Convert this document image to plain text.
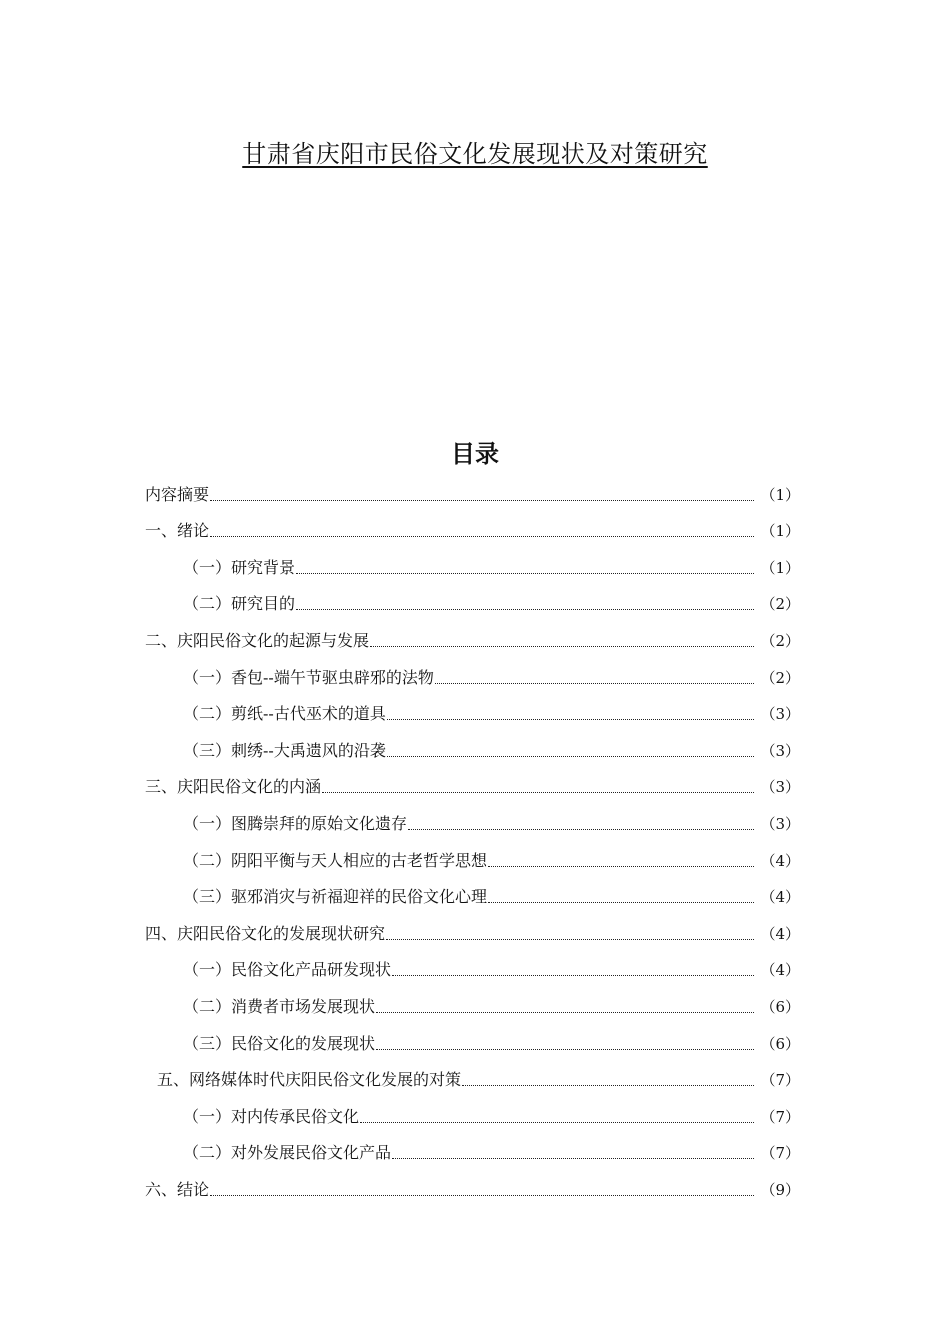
甘肃省庆阳市民俗文化发展现状及对策研究
目录
内容摘要	（1）
一、绪论	（1）
（一）研究背景	（1）
（二）研究目的	（2）
二、庆阳民俗文化的起源与发展	（2）
（一）香包--端午节驱虫辟邪的法物	（2）
（二）剪纸--古代巫术的道具	（3）
（三）刺绣--大禹遗风的沿袭	（3）
三、庆阳民俗文化的内涵	（3）
（一）图腾崇拜的原始文化遗存	（3）
（二）阴阳平衡与天人相应的古老哲学思想	（4）
（三）驱邪消灾与祈福迎祥的民俗文化心理	（4）
四、庆阳民俗文化的发展现状研究	（4）
（一）民俗文化产品研发现状	（4）
（二）消费者市场发展现状	（6）
（三）民俗文化的发展现状	（6）
五、网络媒体时代庆阳民俗文化发展的对策	（7）
（一）对内传承民俗文化	（7）
（二）对外发展民俗文化产品	（7）
六、结论	（9）
